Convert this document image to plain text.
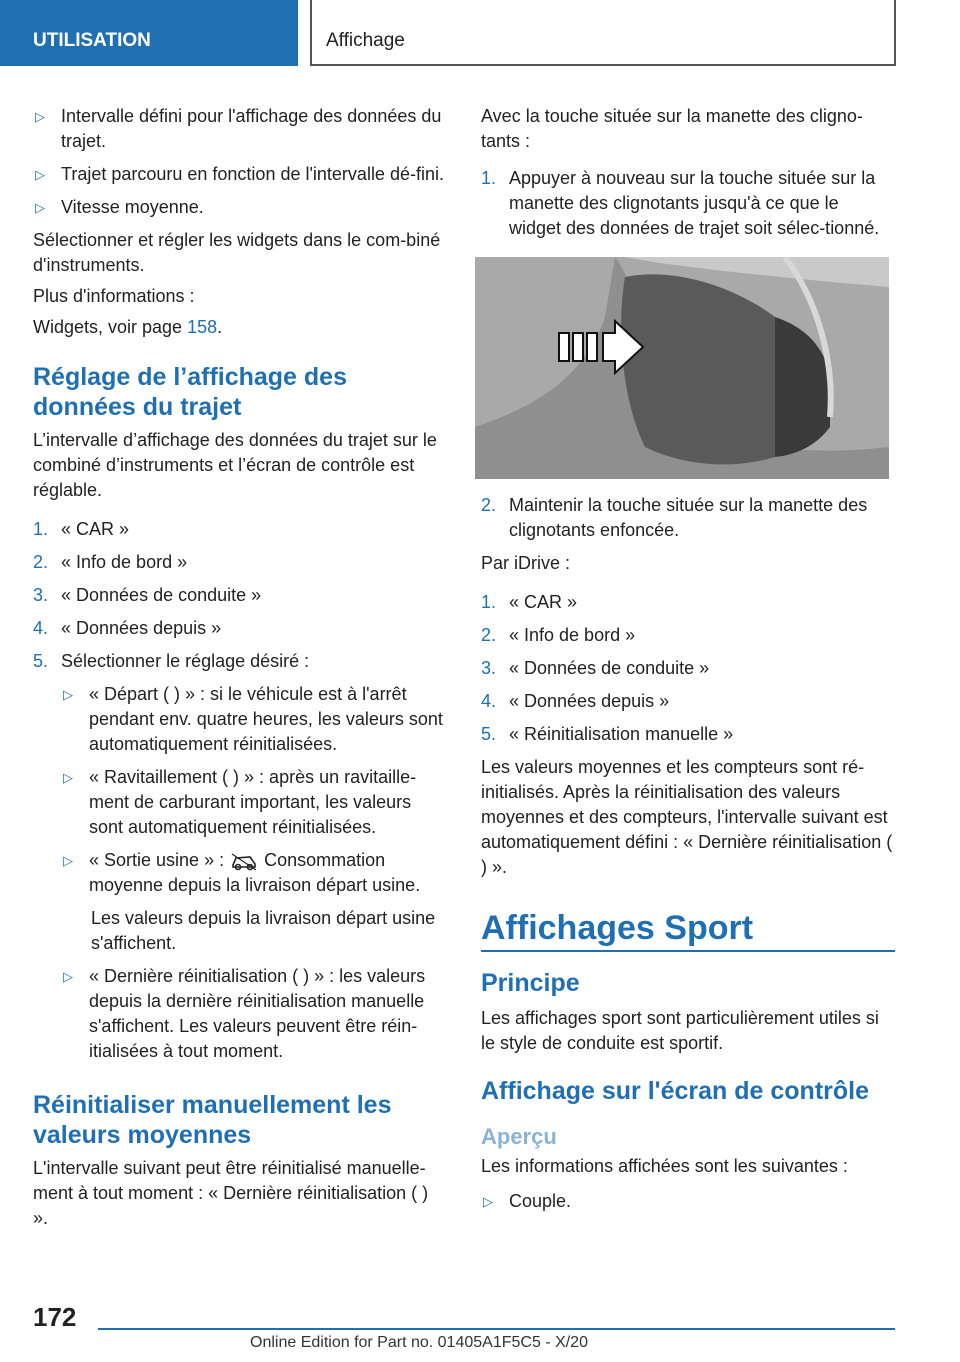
UTILISATION	Affichage
▷ Intervalle défini pour l'affichage des données du trajet.
▷ Trajet parcouru en fonction de l'intervalle dé‐fini.
▷ Vitesse moyenne.
Sélectionner et régler les widgets dans le com‐biné d'instruments.
Plus d'informations :
Widgets, voir page 158.
Réglage de l’affichage des données du trajet
L’intervalle d’affichage des données du trajet sur le combiné d’instruments et l’écran de contrôle est réglable.
1. « CAR »
2. « Info de bord »
3. « Données de conduite »
4. « Données depuis »
5. Sélectionner le réglage désiré :
▷ « Départ ( ) » : si le véhicule est à l'arrêt pendant env. quatre heures, les valeurs sont automatiquement réinitialisées.
▷ « Ravitaillement ( ) » : après un ravitaille‐ment de carburant important, les valeurs sont automatiquement réinitialisées.
▷ « Sortie usine » : Consommation moyenne depuis la livraison départ usine.
Les valeurs depuis la livraison départ usine s'affichent.
▷ « Dernière réinitialisation ( ) » : les valeurs depuis la dernière réinitialisation manuelle s'affichent. Les valeurs peuvent être réin‐itialisées à tout moment.
Réinitialiser manuellement les valeurs moyennes
L'intervalle suivant peut être réinitialisé manuelle‐ment à tout moment : « Dernière réinitialisation ( ) ».
Avec la touche située sur la manette des cligno‐tants :
1. Appuyer à nouveau sur la touche située sur la manette des clignotants jusqu'à ce que le widget des données de trajet soit sélec‐tionné.
2. Maintenir la touche située sur la manette des clignotants enfoncée.
Par iDrive :
1. « CAR »
2. « Info de bord »
3. « Données de conduite »
4. « Données depuis »
5. « Réinitialisation manuelle »
Les valeurs moyennes et les compteurs sont ré‐initialisés. Après la réinitialisation des valeurs moyennes et des compteurs, l'intervalle suivant est automatiquement défini : « Dernière réinitialisation ( ) ».
Affichages Sport
Principe
Les affichages sport sont particulièrement utiles si le style de conduite est sportif.
Affichage sur l'écran de contrôle
Aperçu
Les informations affichées sont les suivantes :
▷ Couple.
172
Online Edition for Part no. 01405A1F5C5 - X/20
